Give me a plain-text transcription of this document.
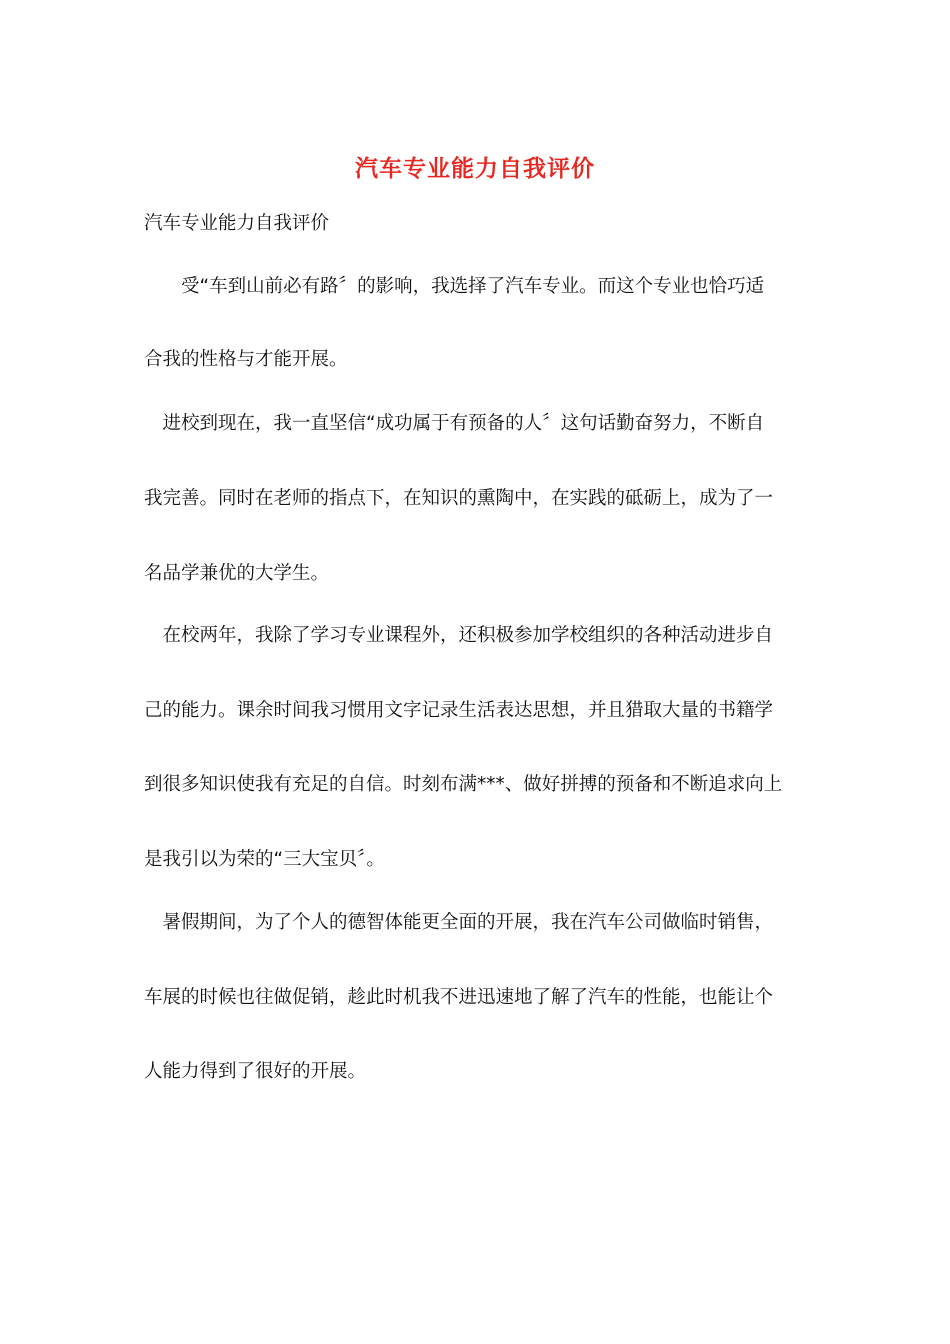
汽车专业能力自我评价
汽车专业能力自我评价
　　受“车到山前必有路〞的影响，我选择了汽车专业。而这个专业也恰巧适
合我的性格与才能开展。
　进校到现在，我一直坚信“成功属于有预备的人〞这句话勤奋努力，不断自
我完善。同时在老师的指点下，在知识的熏陶中，在实践的砥砺上，成为了一
名品学兼优的大学生。
　在校两年，我除了学习专业课程外，还积极参加学校组织的各种活动进步自
己的能力。课余时间我习惯用文字记录生活表达思想，并且猎取大量的书籍学
到很多知识使我有充足的自信。时刻布满***、做好拼搏的预备和不断追求向上
是我引以为荣的“三大宝贝〞。
　暑假期间，为了个人的德智体能更全面的开展，我在汽车公司做临时销售，
车展的时候也往做促销，趁此时机我不进迅速地了解了汽车的性能，也能让个
人能力得到了很好的开展。
